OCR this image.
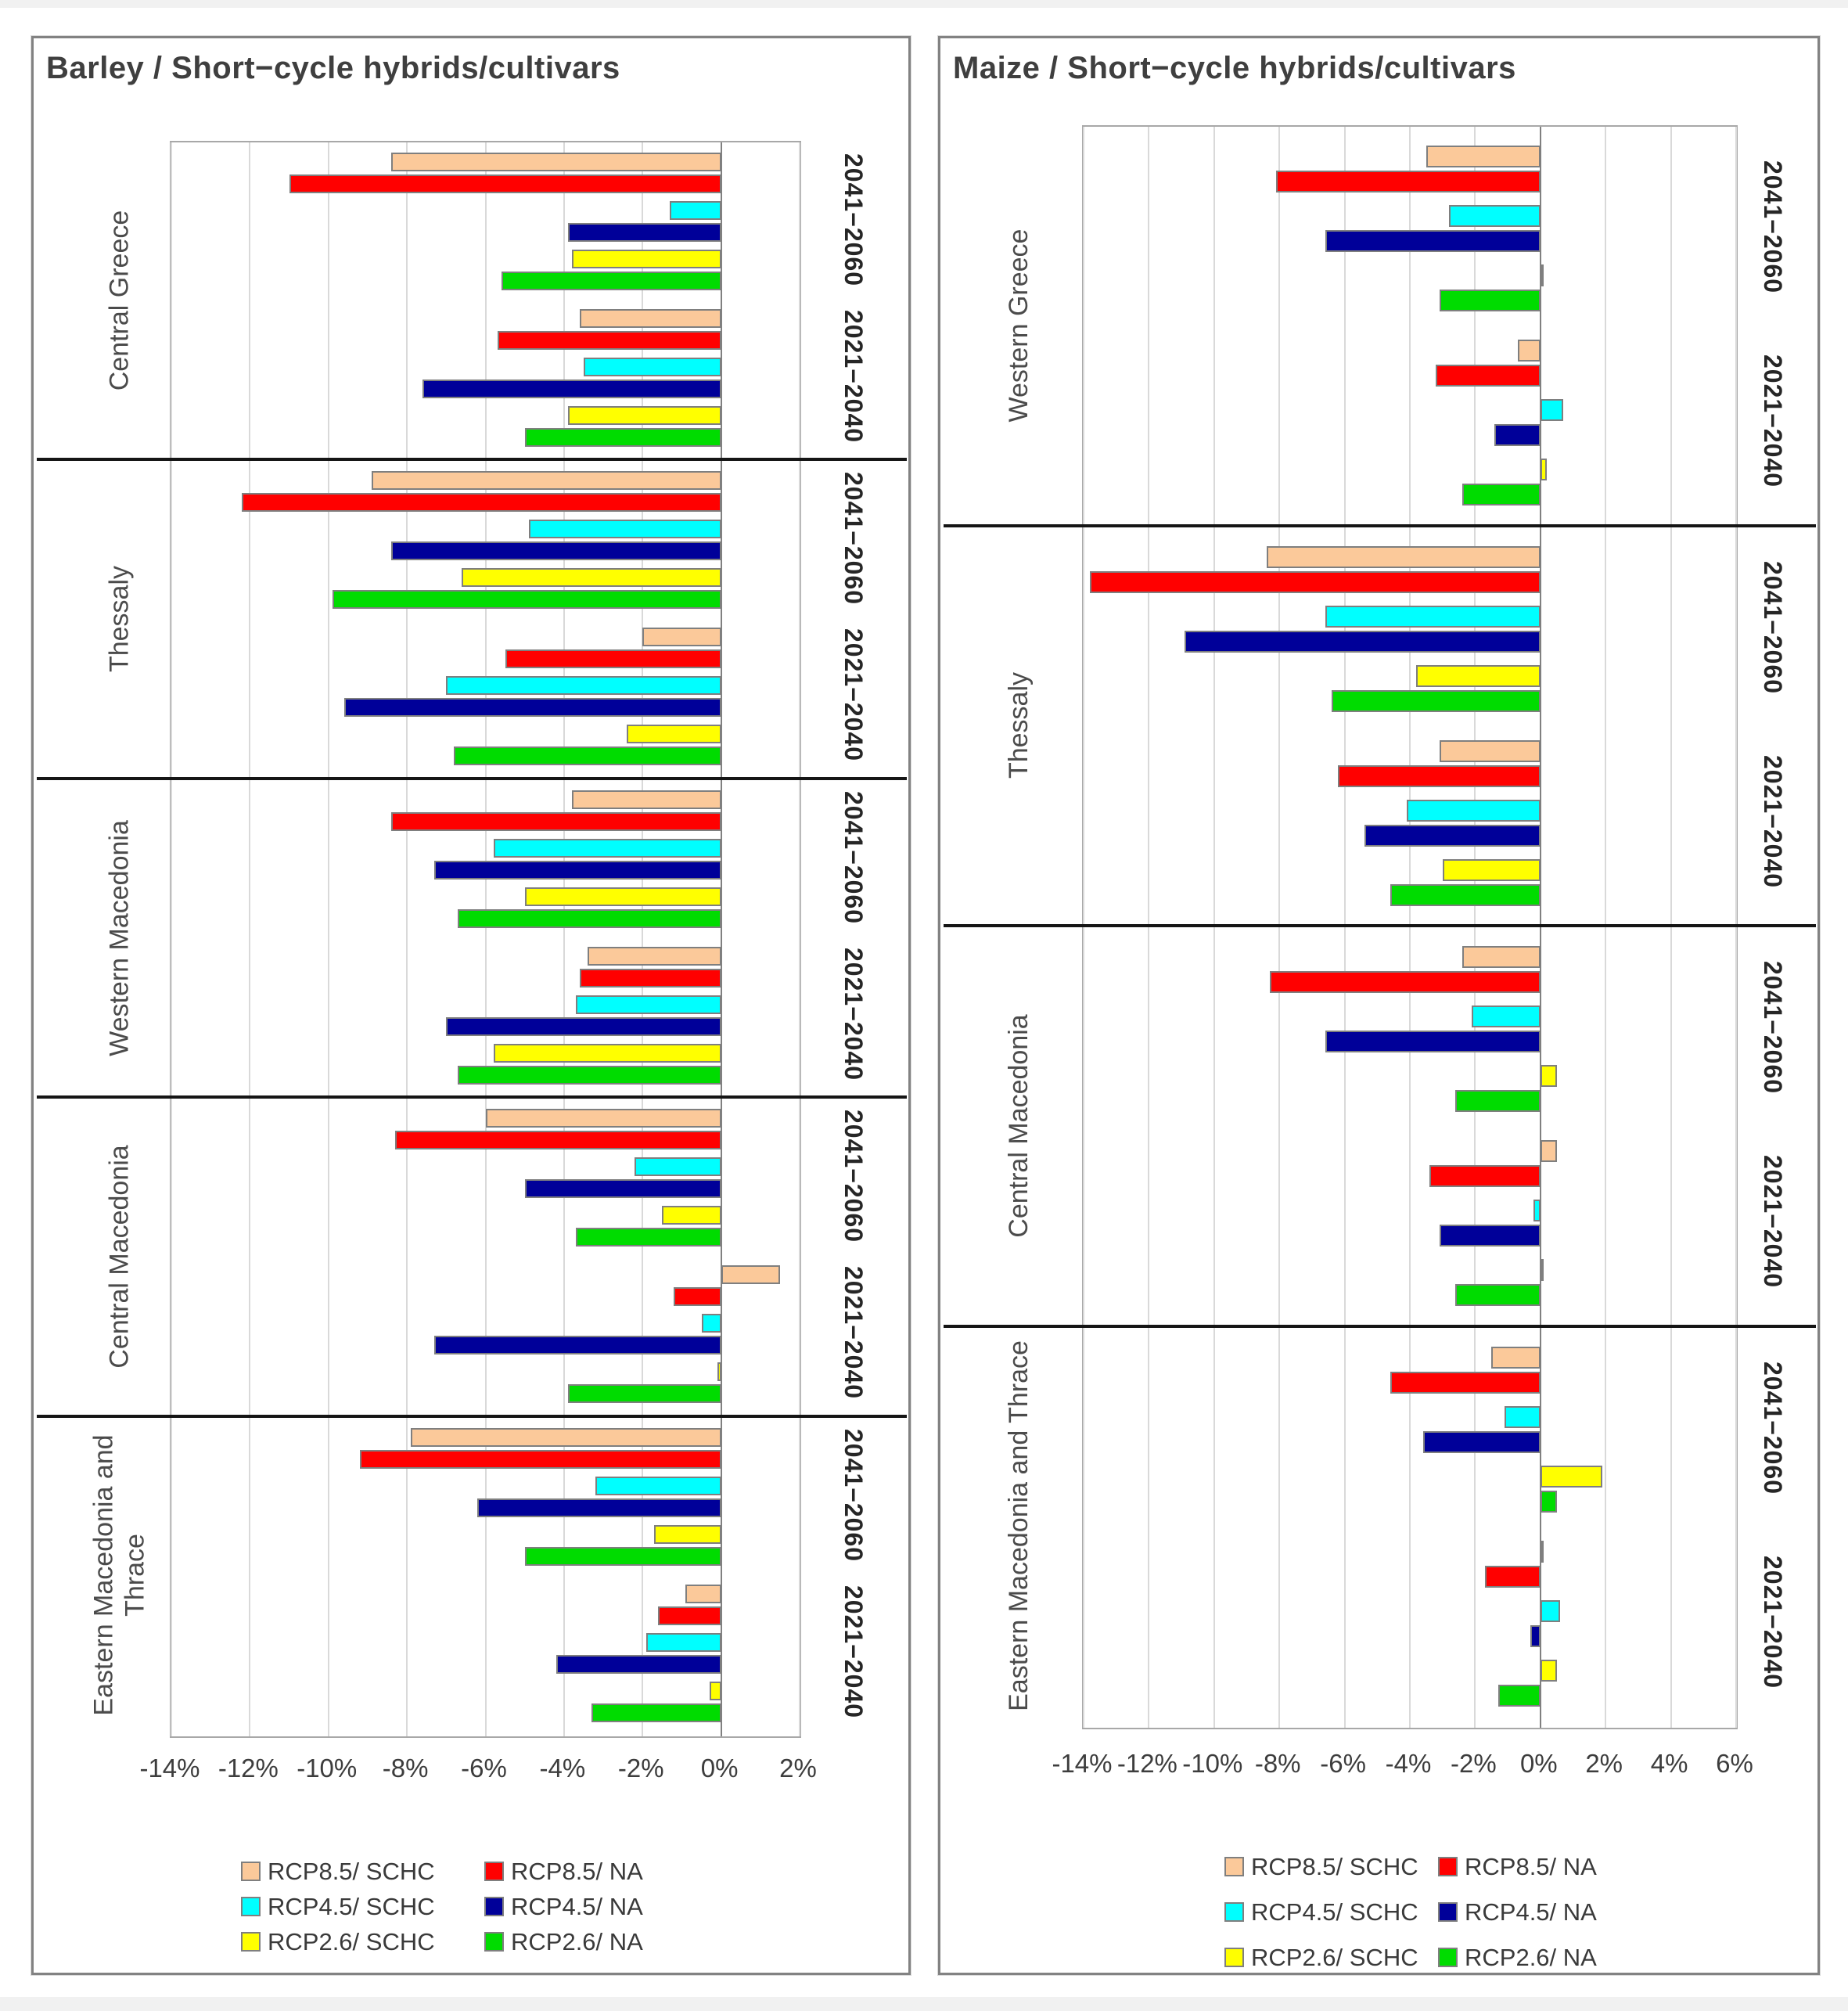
Barley / Short−cycle hybrids/cultivars
-14% -12% -10% -8%	-6%	-4%	-2%	0%	2%
Central Greece	2041−2060
2021−2040
Thessaly
2041−2060
2021−2040
Western Macedonia	2041−2060
2021−2040
Central Macedonia	2041−2060
2021−2040
Eastern Macedonia and Thrace
2041−2060
2021−2040
RCP8.5/ SCHC	RCP8.5/ NA
RCP4.5/ SCHC	RCP4.5/ NA
RCP2.6/ SCHC	RCP2.6/ NA
Maize / Short−cycle hybrids/cultivars
-14% -12% -10% -8% -6% -4% -2% 0%	2%	4%	6%
Western Greece
2041−2060
2021−2040
Thessaly
2041−2060
2021−2040
Central Macedonia	2041−2060
2021−2040
Eastern Macedonia and Thrace	2041−2060
2021−2040
RCP8.5/ SCHC RCP8.5/ NA
RCP4.5/ SCHC RCP4.5/ NA
RCP2.6/ SCHC RCP2.6/ NA
